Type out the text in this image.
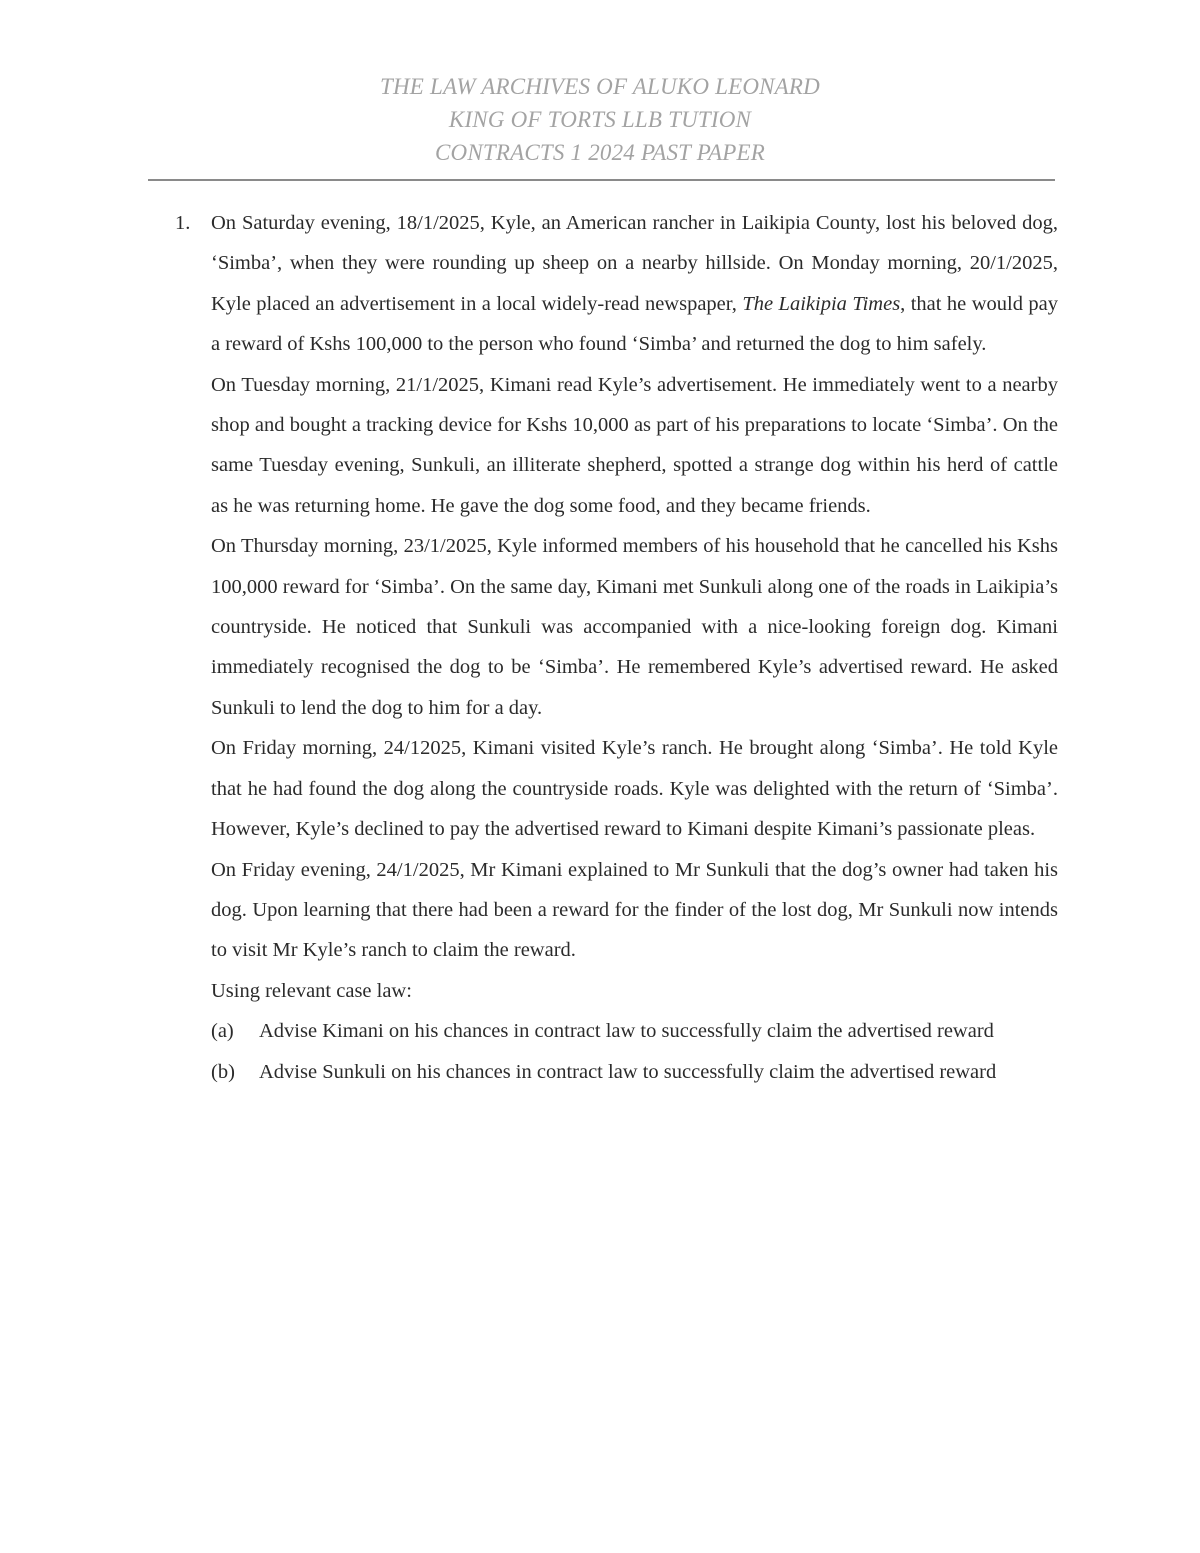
THE LAW ARCHIVES OF ALUKO LEONARD
KING OF TORTS LLB TUTION
CONTRACTS 1 2024 PAST PAPER
1. On Saturday evening, 18/1/2025, Kyle, an American rancher in Laikipia County, lost his beloved dog, ‘Simba’, when they were rounding up sheep on a nearby hillside. On Monday morning, 20/1/2025, Kyle placed an advertisement in a local widely-read newspaper, The Laikipia Times, that he would pay a reward of Kshs 100,000 to the person who found ‘Simba’ and returned the dog to him safely.

On Tuesday morning, 21/1/2025, Kimani read Kyle’s advertisement. He immediately went to a nearby shop and bought a tracking device for Kshs 10,000 as part of his preparations to locate ‘Simba’. On the same Tuesday evening, Sunkuli, an illiterate shepherd, spotted a strange dog within his herd of cattle as he was returning home. He gave the dog some food, and they became friends.

On Thursday morning, 23/1/2025, Kyle informed members of his household that he cancelled his Kshs 100,000 reward for ‘Simba’. On the same day, Kimani met Sunkuli along one of the roads in Laikipia’s countryside. He noticed that Sunkuli was accompanied with a nice-looking foreign dog. Kimani immediately recognised the dog to be ‘Simba’. He remembered Kyle’s advertised reward. He asked Sunkuli to lend the dog to him for a day.

On Friday morning, 24/12025, Kimani visited Kyle’s ranch. He brought along ‘Simba’. He told Kyle that he had found the dog along the countryside roads. Kyle was delighted with the return of ‘Simba’. However, Kyle’s declined to pay the advertised reward to Kimani despite Kimani’s passionate pleas.

On Friday evening, 24/1/2025, Mr Kimani explained to Mr Sunkuli that the dog’s owner had taken his dog. Upon learning that there had been a reward for the finder of the lost dog, Mr Sunkuli now intends to visit Mr Kyle’s ranch to claim the reward.

Using relevant case law:

(a) Advise Kimani on his chances in contract law to successfully claim the advertised reward

(b) Advise Sunkuli on his chances in contract law to successfully claim the advertised reward
